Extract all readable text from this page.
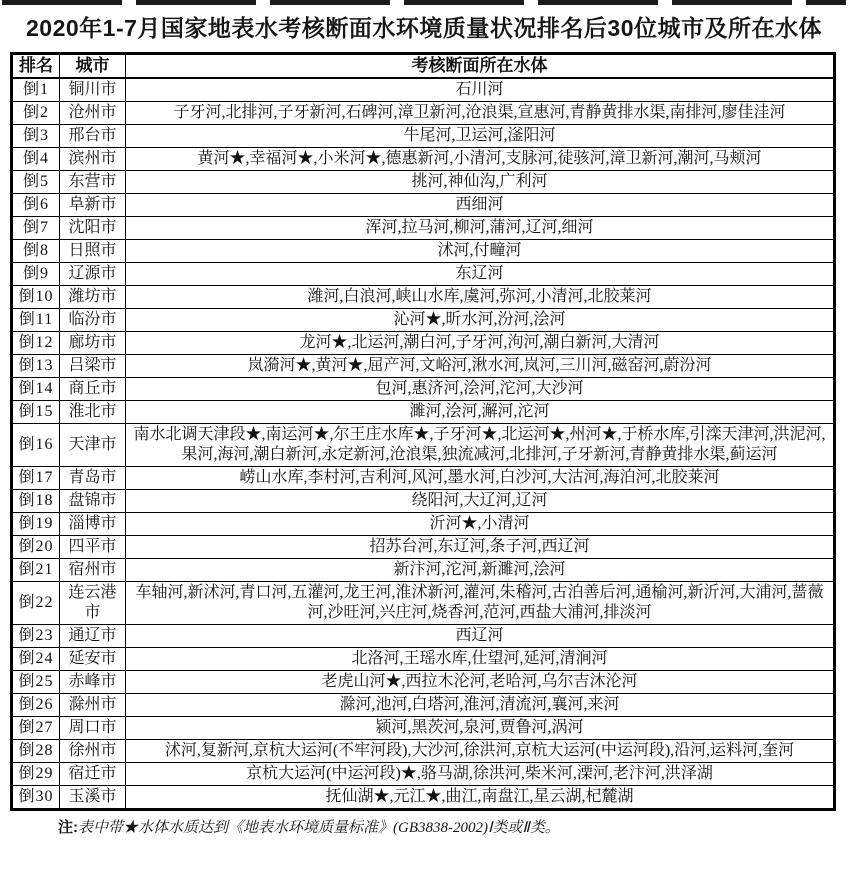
2020年1-7月国家地表水考核断面水环境质量状况排名后30位城市及所在水体
排名	城市	考核断面所在水体
倒1	铜川市	石川河
倒2	沧州市	子牙河,北排河,子牙新河,石碑河,漳卫新河,沧浪渠,宣惠河,青静黄排水渠,南排河,廖佳洼河
倒3	邢台市	牛尾河,卫运河,滏阳河
倒4	滨州市	黄河★,幸福河★,小米河★,德惠新河,小清河,支脉河,徒骇河,漳卫新河,潮河,马颊河
倒5	东营市	挑河,神仙沟,广利河
倒6	阜新市	西细河
倒7	沈阳市	浑河,拉马河,柳河,蒲河,辽河,细河
倒8	日照市	沭河,付疃河
倒9	辽源市	东辽河
倒10	潍坊市	潍河,白浪河,峡山水库,虞河,弥河,小清河,北胶莱河
倒11	临汾市	沁河★,昕水河,汾河,浍河
倒12	廊坊市	龙河★,北运河,潮白河,子牙河,泃河,潮白新河,大清河
倒13	吕梁市	岚漪河★,黄河★,屈产河,文峪河,湫水河,岚河,三川河,磁窑河,蔚汾河
倒14	商丘市	包河,惠济河,浍河,沱河,大沙河
倒15	淮北市	濉河,浍河,澥河,沱河
倒16	天津市	南水北调天津段★,南运河★,尔王庄水库★,子牙河★,北运河★,州河★,于桥水库,引滦天津河,洪泥河,果河,海河,潮白新河,永定新河,沧浪渠,独流减河,北排河,子牙新河,青静黄排水渠,蓟运河
倒17	青岛市	崂山水库,李村河,吉利河,风河,墨水河,白沙河,大沽河,海泊河,北胶莱河
倒18	盘锦市	绕阳河,大辽河,辽河
倒19	淄博市	沂河★,小清河
倒20	四平市	招苏台河,东辽河,条子河,西辽河
倒21	宿州市	新汴河,沱河,新濉河,浍河
倒22	连云港市	车轴河,新沭河,青口河,五灌河,龙王河,淮沭新河,灌河,朱稽河,古泊善后河,通榆河,新沂河,大浦河,蔷薇河,沙旺河,兴庄河,烧香河,范河,西盐大浦河,排淡河
倒23	通辽市	西辽河
倒24	延安市	北洛河,王瑶水库,仕望河,延河,清涧河
倒25	赤峰市	老虎山河★,西拉木沦河,老哈河,乌尔吉沐沦河
倒26	滁州市	滁河,池河,白塔河,淮河,清流河,襄河,来河
倒27	周口市	颍河,黑茨河,泉河,贾鲁河,涡河
倒28	徐州市	沭河,复新河,京杭大运河(不牢河段),大沙河,徐洪河,京杭大运河(中运河段),沿河,运料河,奎河
倒29	宿迁市	京杭大运河(中运河段)★,骆马湖,徐洪河,柴米河,溧河,老汴河,洪泽湖
倒30	玉溪市	抚仙湖★,元江★,曲江,南盘江,星云湖,杞麓湖
注:表中带★水体水质达到《地表水环境质量标准》(GB3838-2002)Ⅰ类或Ⅱ类。
